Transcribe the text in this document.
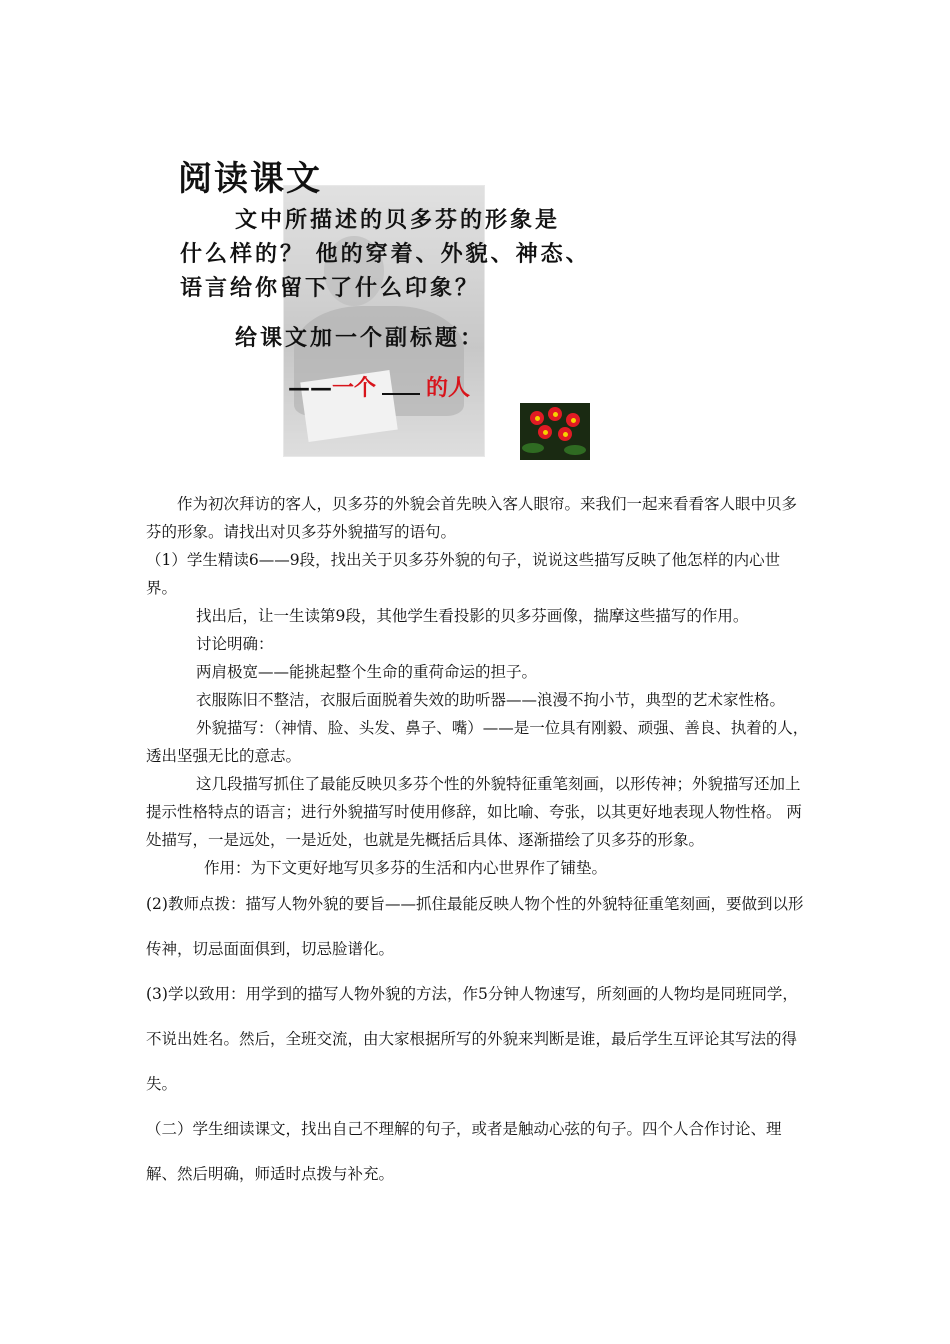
阅读课文
文中所描述的贝多芬的形象是
什么样的？ 他的穿着、外貌、神态、
语言给你留下了什么印象？
给课文加一个副标题：
——一个 的人

作为初次拜访的客人，贝多芬的外貌会首先映入客人眼帘。来我们一起来看看客人眼中贝多芬的形象。请找出对贝多芬外貌描写的语句。

（1）学生精读6——9段，找出关于贝多芬外貌的句子，说说这些描写反映了他怎样的内心世界。

找出后，让一生读第9段，其他学生看投影的贝多芬画像，揣摩这些描写的作用。

讨论明确：

两肩极宽——能挑起整个生命的重荷命运的担子。

衣服陈旧不整洁，衣服后面脱着失效的助听器——浪漫不拘小节，典型的艺术家性格。

外貌描写：（神情、脸、头发、鼻子、嘴）——是一位具有刚毅、顽强、善良、执着的人，透出坚强无比的意志。

这几段描写抓住了最能反映贝多芬个性的外貌特征重笔刻画，以形传神；外貌描写还加上提示性格特点的语言；进行外貌描写时使用修辞，如比喻、夸张，以其更好地表现人物性格。 两处描写，一是远处，一是近处，也就是先概括后具体、逐渐描绘了贝多芬的形象。

作用：为下文更好地写贝多芬的生活和内心世界作了铺垫。

(2)教师点拨：描写人物外貌的要旨——抓住最能反映人物个性的外貌特征重笔刻画，要做到以形传神，切忌面面俱到，切忌脸谱化。

(3)学以致用：用学到的描写人物外貌的方法，作5分钟人物速写，所刻画的人物均是同班同学，不说出姓名。然后，全班交流，由大家根据所写的外貌来判断是谁，最后学生互评论其写法的得失。

（二）学生细读课文，找出自己不理解的句子，或者是触动心弦的句子。四个人合作讨论、理解、然后明确，师适时点拨与补充。
